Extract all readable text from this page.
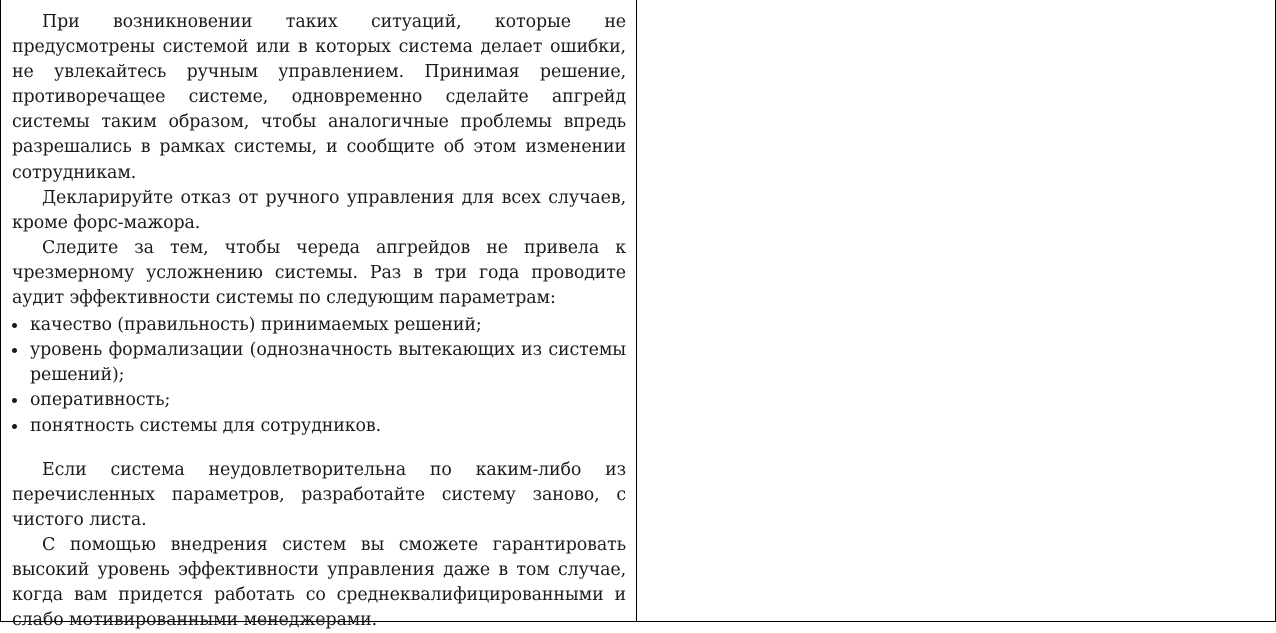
При возникновении таких ситуаций, которые не предусмотрены системой или в которых система делает ошибки, не увлекайтесь ручным управлением. Принимая решение, противоречащее системе, одновременно сделайте апгрейд системы таким образом, чтобы аналогичные проблемы впредь разрешались в рамках системы, и сообщите об этом изменении сотрудникам.

Декларируйте отказ от ручного управления для всех случаев, кроме форс-мажора.

Следите за тем, чтобы череда апгрейдов не привела к чрезмерному усложнению системы. Раз в три года проводите аудит эффективности системы по следующим параметрам:

качество (правильность) принимаемых решений;
уровень формализации (однозначность вытекающих из системы решений);
оперативность;
понятность системы для сотрудников.

Если система неудовлетворительна по каким-либо из перечисленных параметров, разработайте систему заново, с чистого листа.

С помощью внедрения систем вы сможете гарантировать высокий уровень эффективности управления даже в том случае, когда вам придется работать со среднеквалифицированными и слабо мотивированными менеджерами.
